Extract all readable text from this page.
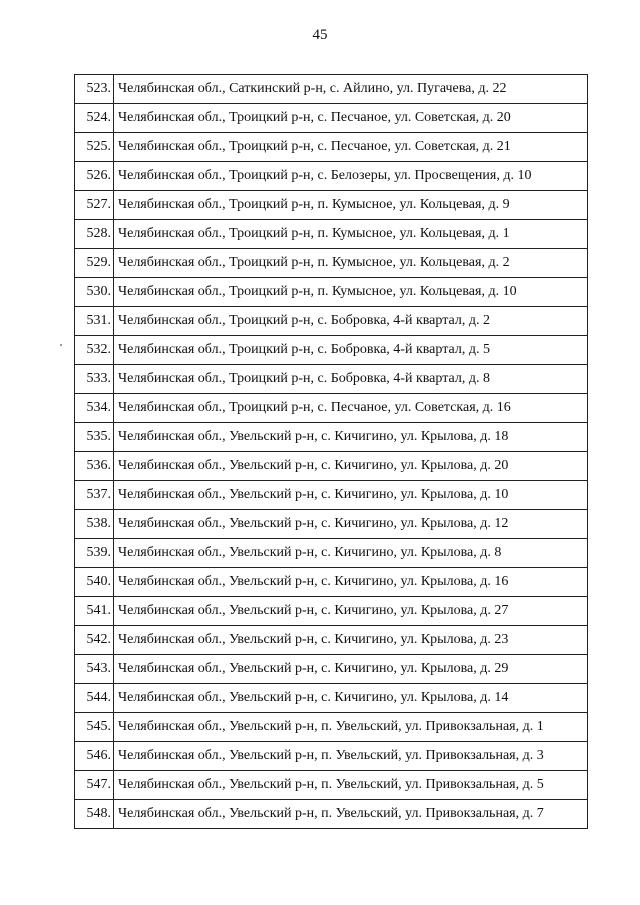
45
523.	Челябинская обл., Саткинский р-н, с. Айлино, ул. Пугачева, д. 22
524.	Челябинская обл., Троицкий р-н, с. Песчаное, ул. Советская, д. 20
525.	Челябинская обл., Троицкий р-н, с. Песчаное, ул. Советская, д. 21
526.	Челябинская обл., Троицкий р-н, с. Белозеры, ул. Просвещения, д. 10
527.	Челябинская обл., Троицкий р-н, п. Кумысное, ул. Кольцевая, д. 9
528.	Челябинская обл., Троицкий р-н, п. Кумысное, ул. Кольцевая, д. 1
529.	Челябинская обл., Троицкий р-н, п. Кумысное, ул. Кольцевая, д. 2
530.	Челябинская обл., Троицкий р-н, п. Кумысное, ул. Кольцевая, д. 10
531.	Челябинская обл., Троицкий р-н, с. Бобровка, 4-й квартал, д. 2
532.	Челябинская обл., Троицкий р-н, с. Бобровка, 4-й квартал, д. 5
533.	Челябинская обл., Троицкий р-н, с. Бобровка, 4-й квартал, д. 8
534.	Челябинская обл., Троицкий р-н, с. Песчаное, ул. Советская, д. 16
535.	Челябинская обл., Увельский р-н, с. Кичигино, ул. Крылова, д. 18
536.	Челябинская обл., Увельский р-н, с. Кичигино, ул. Крылова, д. 20
537.	Челябинская обл., Увельский р-н, с. Кичигино, ул. Крылова, д. 10
538.	Челябинская обл., Увельский р-н, с. Кичигино, ул. Крылова, д. 12
539.	Челябинская обл., Увельский р-н, с. Кичигино, ул. Крылова, д. 8
540.	Челябинская обл., Увельский р-н, с. Кичигино, ул. Крылова, д. 16
541.	Челябинская обл., Увельский р-н, с. Кичигино, ул. Крылова, д. 27
542.	Челябинская обл., Увельский р-н, с. Кичигино, ул. Крылова, д. 23
543.	Челябинская обл., Увельский р-н, с. Кичигино, ул. Крылова, д. 29
544.	Челябинская обл., Увельский р-н, с. Кичигино, ул. Крылова, д. 14
545.	Челябинская обл., Увельский р-н, п. Увельский, ул. Привокзальная, д. 1
546.	Челябинская обл., Увельский р-н, п. Увельский, ул. Привокзальная, д. 3
547.	Челябинская обл., Увельский р-н, п. Увельский, ул. Привокзальная, д. 5
548.	Челябинская обл., Увельский р-н, п. Увельский, ул. Привокзальная, д. 7
